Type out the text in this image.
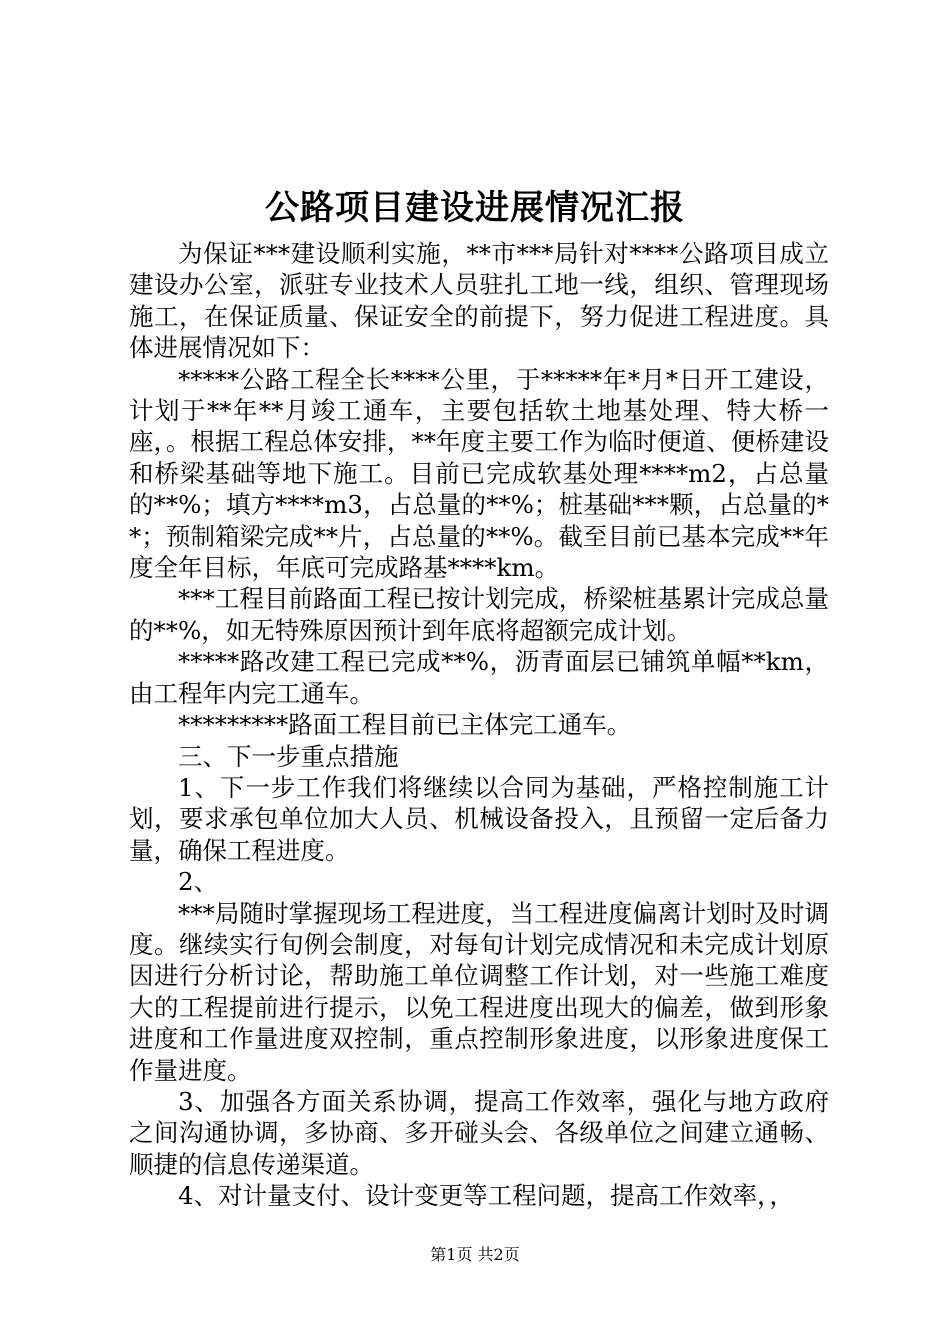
公路项目建设进展情况汇报

为保证***建设顺利实施，**市***局针对****公路项目成立建设办公室，派驻专业技术人员驻扎工地一线，组织、管理现场施工，在保证质量、保证安全的前提下，努力促进工程进度。具体进展情况如下：

*****公路工程全长****公里，于*****年*月*日开工建设，计划于**年**月竣工通车，主要包括软土地基处理、特大桥一座，。根据工程总体安排，**年度主要工作为临时便道、便桥建设和桥梁基础等地下施工。目前已完成软基处理****m2，占总量的**%；填方****m3，占总量的**%；桩基础***颗，占总量的**；预制箱梁完成**片，占总量的**%。截至目前已基本完成**年度全年目标，年底可完成路基****km。

***工程目前路面工程已按计划完成，桥梁桩基累计完成总量的**%，如无特殊原因预计到年底将超额完成计划。

*****路改建工程已完成**%，沥青面层已铺筑单幅**km，由工程年内完工通车。

*********路面工程目前已主体完工通车。

三、下一步重点措施

1、下一步工作我们将继续以合同为基础，严格控制施工计划，要求承包单位加大人员、机械设备投入，且预留一定后备力量，确保工程进度。

2、

***局随时掌握现场工程进度，当工程进度偏离计划时及时调度。继续实行旬例会制度，对每旬计划完成情况和未完成计划原因进行分析讨论，帮助施工单位调整工作计划，对一些施工难度大的工程提前进行提示，以免工程进度出现大的偏差，做到形象进度和工作量进度双控制，重点控制形象进度，以形象进度保工作量进度。

3、加强各方面关系协调，提高工作效率，强化与地方政府之间沟通协调，多协商、多开碰头会、各级单位之间建立通畅、顺捷的信息传递渠道。

4、对计量支付、设计变更等工程问题，提高工作效率，，

第1页 共2页
